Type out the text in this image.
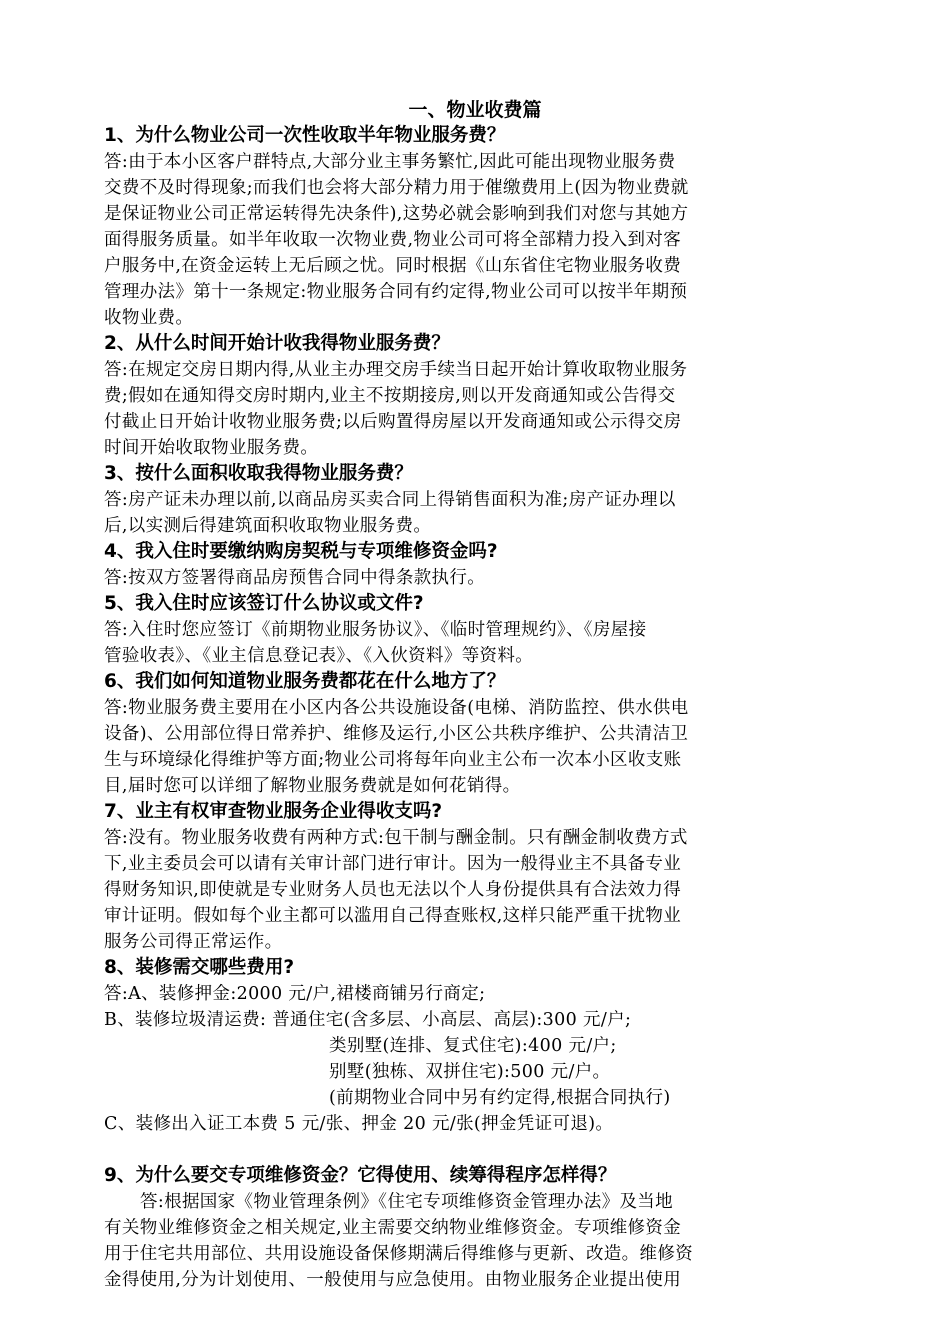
一、物业收费篇
1、为什么物业公司一次性收取半年物业服务费？
答:由于本小区客户群特点,大部分业主事务繁忙,因此可能出现物业服务费
交费不及时得现象;而我们也会将大部分精力用于催缴费用上(因为物业费就
是保证物业公司正常运转得先决条件),这势必就会影响到我们对您与其她方
面得服务质量。如半年收取一次物业费,物业公司可将全部精力投入到对客
户服务中,在资金运转上无后顾之忧。同时根据《山东省住宅物业服务收费
管理办法》第十一条规定:物业服务合同有约定得,物业公司可以按半年期预
收物业费。
2、从什么时间开始计收我得物业服务费？
答:在规定交房日期内得,从业主办理交房手续当日起开始计算收取物业服务
费;假如在通知得交房时期内,业主不按期接房,则以开发商通知或公告得交
付截止日开始计收物业服务费;以后购置得房屋以开发商通知或公示得交房
时间开始收取物业服务费。
3、按什么面积收取我得物业服务费？
答:房产证未办理以前,以商品房买卖合同上得销售面积为准;房产证办理以
后,以实测后得建筑面积收取物业服务费。
4、我入住时要缴纳购房契税与专项维修资金吗?
答:按双方签署得商品房预售合同中得条款执行。
5、我入住时应该签订什么协议或文件?
答:入住时您应签订《前期物业服务协议》、《临时管理规约》、《房屋接
管验收表》、《业主信息登记表》、《入伙资料》等资料。
6、我们如何知道物业服务费都花在什么地方了？
答:物业服务费主要用在小区内各公共设施设备(电梯、消防监控、供水供电
设备)、公用部位得日常养护、维修及运行,小区公共秩序维护、公共清洁卫
生与环境绿化得维护等方面;物业公司将每年向业主公布一次本小区收支账
目,届时您可以详细了解物业服务费就是如何花销得。
7、业主有权审查物业服务企业得收支吗?
答:没有。物业服务收费有两种方式:包干制与酬金制。只有酬金制收费方式
下,业主委员会可以请有关审计部门进行审计。因为一般得业主不具备专业
得财务知识,即使就是专业财务人员也无法以个人身份提供具有合法效力得
审计证明。假如每个业主都可以滥用自己得查账权,这样只能严重干扰物业
服务公司得正常运作。
8、装修需交哪些费用?
答:A、装修押金:2000 元/户,裙楼商铺另行商定;
B、装修垃圾清运费: 普通住宅(含多层、小高层、高层):300 元/户;
类别墅(连排、复式住宅):400 元/户;
别墅(独栋、双拼住宅):500 元/户。
(前期物业合同中另有约定得,根据合同执行)
C、装修出入证工本费 5 元/张、押金 20 元/张(押金凭证可退)。
9、为什么要交专项维修资金？它得使用、续筹得程序怎样得？
答:根据国家《物业管理条例》《住宅专项维修资金管理办法》及当地
有关物业维修资金之相关规定,业主需要交纳物业维修资金。专项维修资金
用于住宅共用部位、共用设施设备保修期满后得维修与更新、改造。维修资
金得使用,分为计划使用、一般使用与应急使用。由物业服务企业提出使用
